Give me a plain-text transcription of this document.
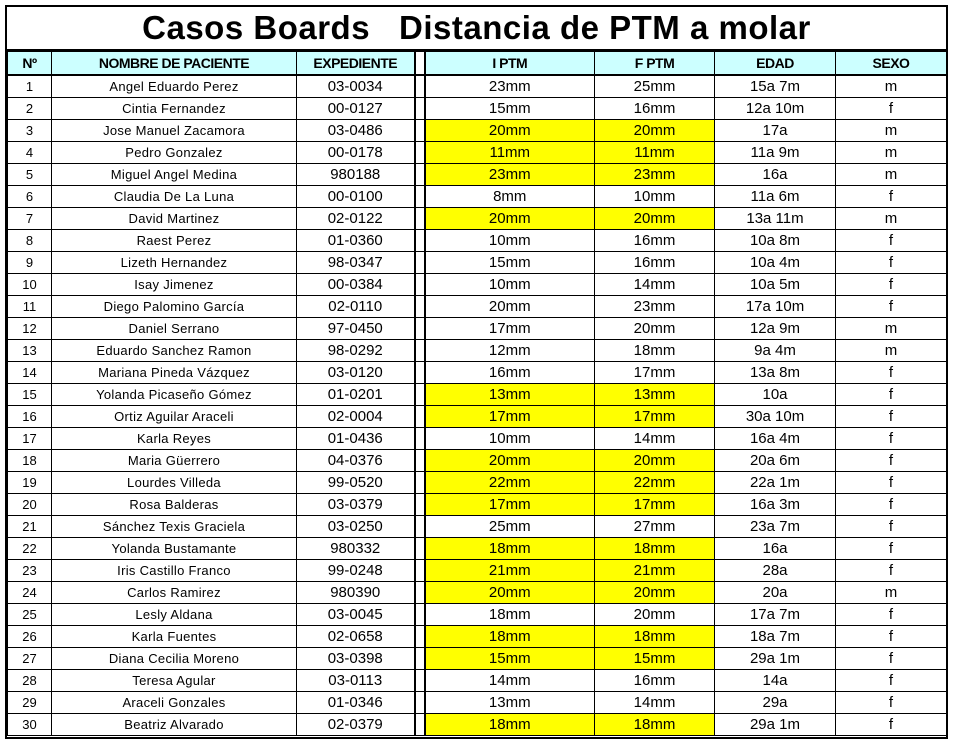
Casos Boards   Distancia de PTM a molar
Nº	NOMBRE DE PACIENTE	EXPEDIENTE		I PTM	F PTM	EDAD	SEXO
1	Angel Eduardo Perez	03-0034		23mm	25mm	15a 7m	m
2	Cintia Fernandez	00-0127		15mm	16mm	12a 10m	f
3	Jose Manuel Zacamora	03-0486		20mm	20mm	17a	m
4	Pedro Gonzalez	00-0178		11mm	11mm	11a 9m	m
5	Miguel Angel Medina	980188		23mm	23mm	16a	m
6	Claudia De La Luna	00-0100		8mm	10mm	11a 6m	f
7	David Martinez	02-0122		20mm	20mm	13a 11m	m
8	Raest Perez	01-0360		10mm	16mm	10a 8m	f
9	Lizeth Hernandez	98-0347		15mm	16mm	10a 4m	f
10	Isay Jimenez	00-0384		10mm	14mm	10a 5m	f
11	Diego Palomino García	02-0110		20mm	23mm	17a 10m	f
12	Daniel Serrano	97-0450		17mm	20mm	12a 9m	m
13	Eduardo Sanchez Ramon	98-0292		12mm	18mm	9a 4m	m
14	Mariana Pineda Vázquez	03-0120		16mm	17mm	13a 8m	f
15	Yolanda Picaseño Gómez	01-0201		13mm	13mm	10a	f
16	Ortiz Aguilar Araceli	02-0004		17mm	17mm	30a 10m	f
17	Karla Reyes	01-0436		10mm	14mm	16a 4m	f
18	Maria Güerrero	04-0376		20mm	20mm	20a 6m	f
19	Lourdes Villeda	99-0520		22mm	22mm	22a 1m	f
20	Rosa Balderas	03-0379		17mm	17mm	16a 3m	f
21	Sánchez Texis Graciela	03-0250		25mm	27mm	23a 7m	f
22	Yolanda Bustamante	980332		18mm	18mm	16a	f
23	Iris Castillo Franco	99-0248		21mm	21mm	28a	f
24	Carlos Ramirez	980390		20mm	20mm	20a	m
25	Lesly Aldana	03-0045		18mm	20mm	17a 7m	f
26	Karla Fuentes	02-0658		18mm	18mm	18a 7m	f
27	Diana Cecilia Moreno	03-0398		15mm	15mm	29a 1m	f
28	Teresa Agular	03-0113		14mm	16mm	14a	f
29	Araceli Gonzales	01-0346		13mm	14mm	29a	f
30	Beatriz Alvarado	02-0379		18mm	18mm	29a 1m	f
